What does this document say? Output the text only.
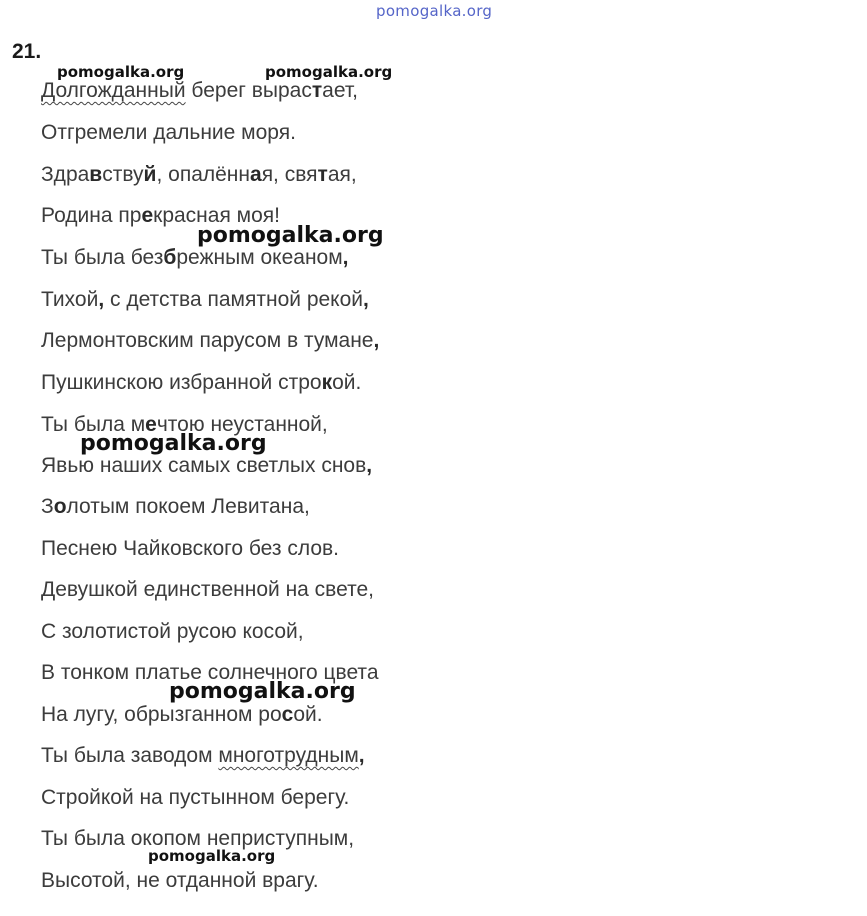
pomogalka.org
21.
Долгожданный берег вырастает,
Отгремели дальние моря.
Здравствуй, опалённая, святая,
Родина прекрасная моя!
Ты была безбрежным океаном,
Тихой, с детства памятной рекой,
Лермонтовским парусом в тумане,
Пушкинскою избранной строкой.
Ты была мечтою неустанной,
Явью наших самых светлых снов,
Золотым покоем Левитана,
Песнею Чайковского без слов.
Девушкой единственной на свете,
С золотистой русою косой,
В тонком платье солнечного цвета
На лугу, обрызганном росой.
Ты была заводом многотрудным,
Стройкой на пустынном берегу.
Ты была окопом неприступным,
Высотой, не отданной врагу.
pomogalka.org	pomogalka.org
pomogalka.org
pomogalka.org
pomogalka.org
pomogalka.org
